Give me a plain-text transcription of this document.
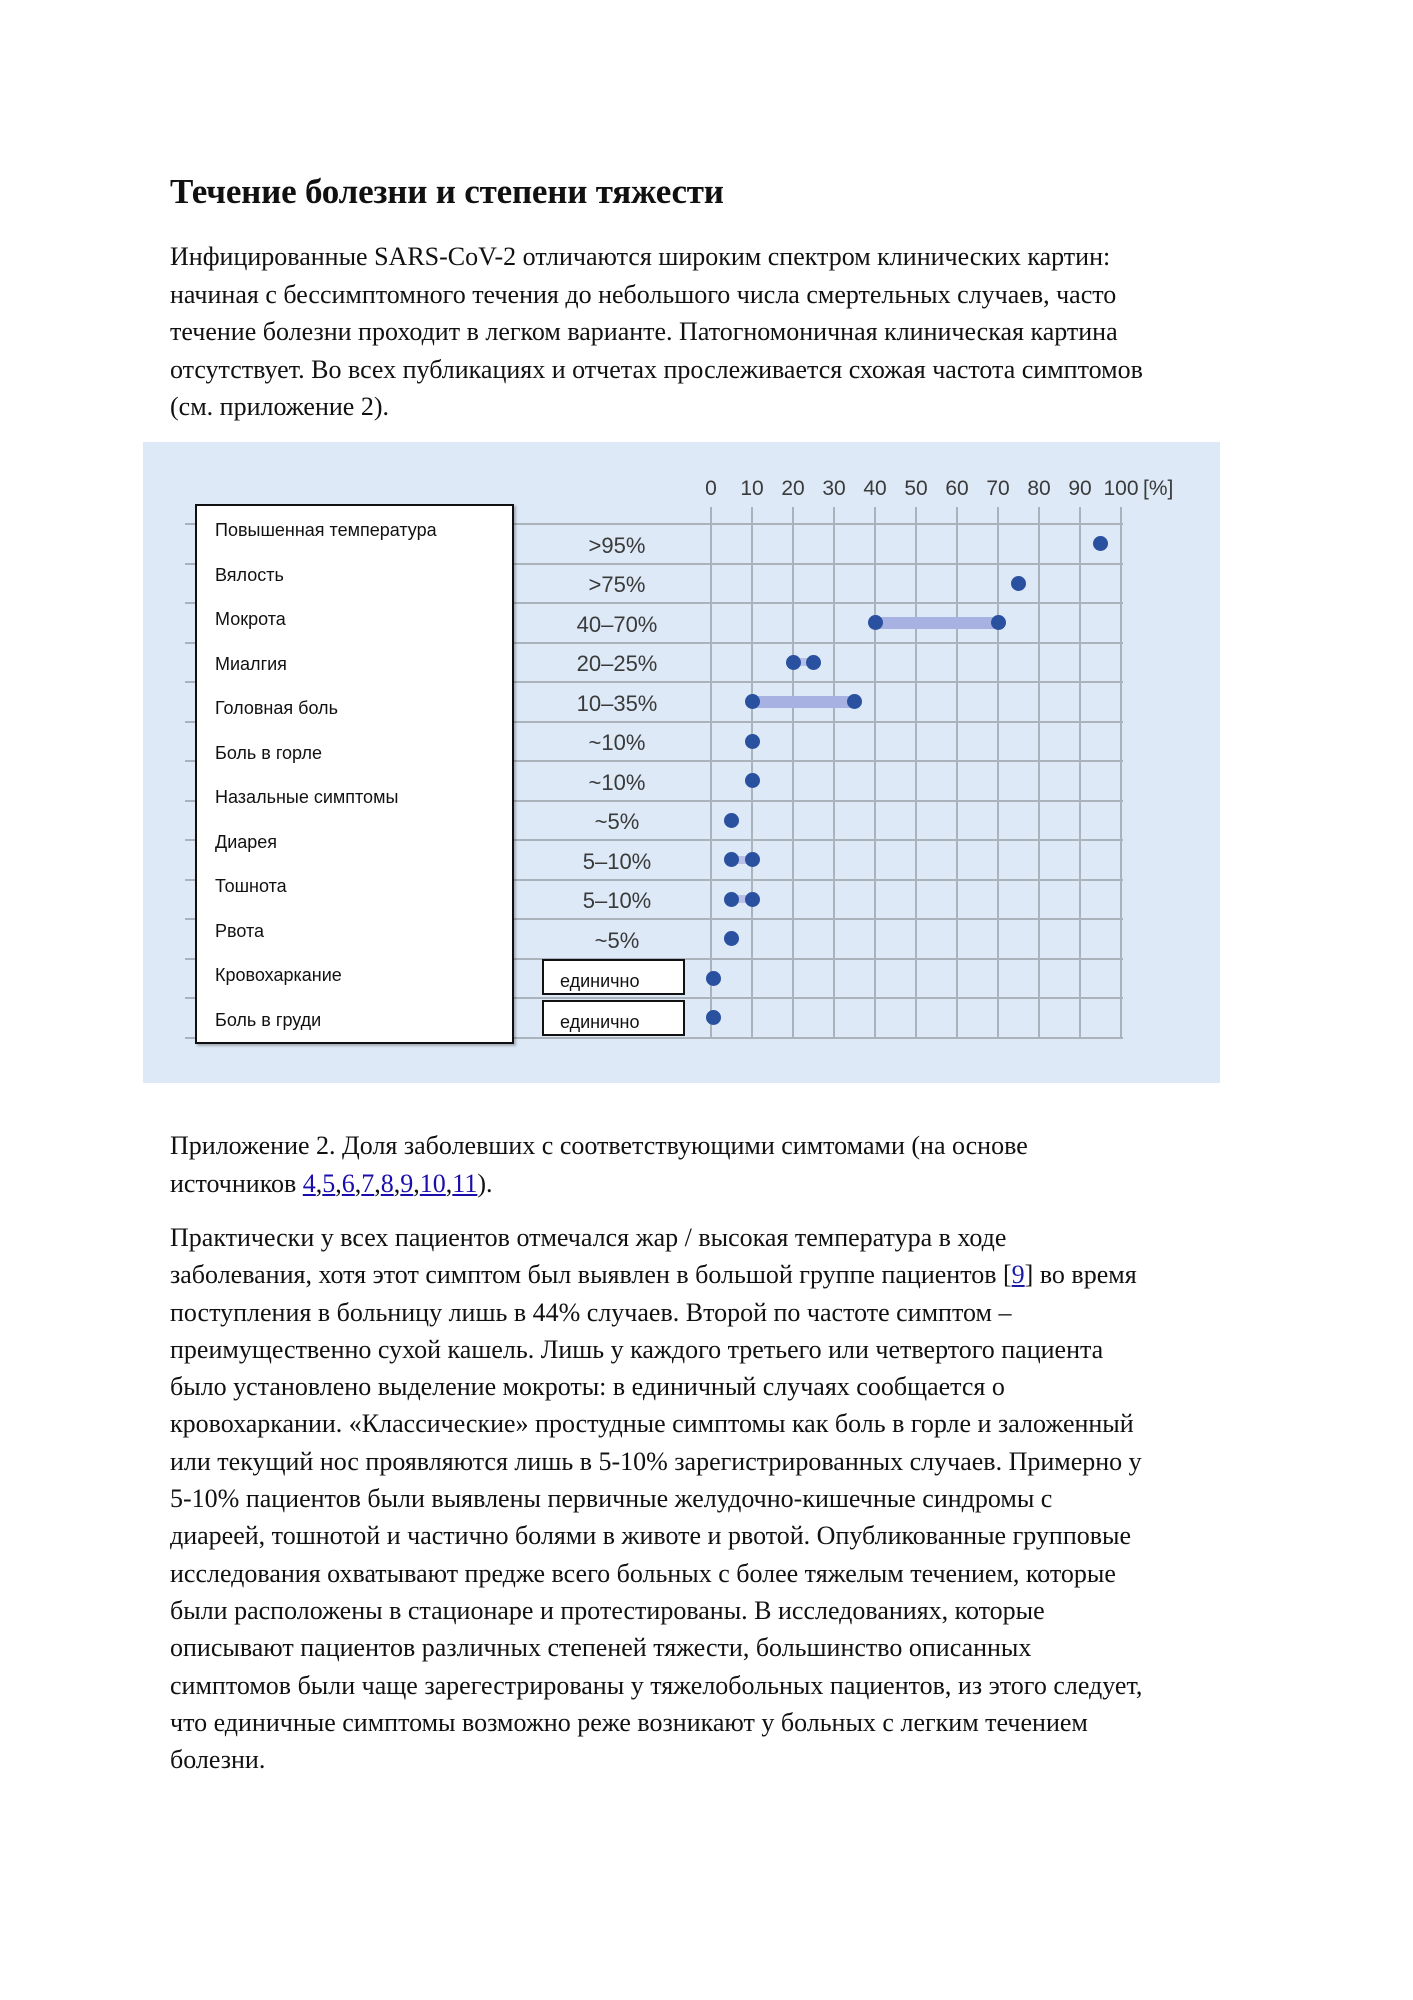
Течение болезни и степени тяжести
Инфицированные SARS-CoV-2 отличаются широким спектром клинических картин:
начиная с бессимптомного течения до небольшого числа смертельных случаев, часто
течение болезни проходит в легком варианте. Патогномоничная клиническая картина
отсутствует. Во всех публикациях и отчетах прослеживается схожая частота симптомов
(см. приложение 2).
0	10 20 30 40 50 60 70 80 90 100 [%]
>95%
>75%
40–70%
20–25%
10–35%
~10%
~10%
~5%
5–10%
5–10%
~5%
единично
единично
Повышенная температура
Вялость
Мокрота
Миалгия
Головная боль
Боль в горле
Назальные симптомы
Диарея
Тошнота
Рвота
Кровохаркание
Боль в груди
Приложение 2. Доля заболевших с соответствующими симтомами (на основе
источников 4,5,6,7,8,9,10,11).
Практически у всех пациентов отмечался жар / высокая температура в ходе
заболевания, хотя этот симптом был выявлен в большой группе пациентов [9] во время
поступления в больницу лишь в 44% случаев. Второй по частоте симптом –
преимущественно сухой кашель. Лишь у каждого третьего или четвертого пациента
было установлено выделение мокроты: в единичный случаях сообщается о
кровохаркании. «Классические» простудные симптомы как боль в горле и заложенный
или текущий нос проявляются лишь в 5-10% зарегистрированных случаев. Примерно у
5-10% пациентов были выявлены первичные желудочно-кишечные синдромы с
диареей, тошнотой и частично болями в животе и рвотой. Опубликованные групповые
исследования охватывают предже всего больных с более тяжелым течением, которые
были расположены в стационаре и протестированы. В исследованиях, которые
описывают пациентов различных степеней тяжести, большинство описанных
симптомов были чаще зарегестрированы у тяжелобольных пациентов, из этого следует,
что единичные симптомы возможно реже возникают у больных с легким течением
болезни.
